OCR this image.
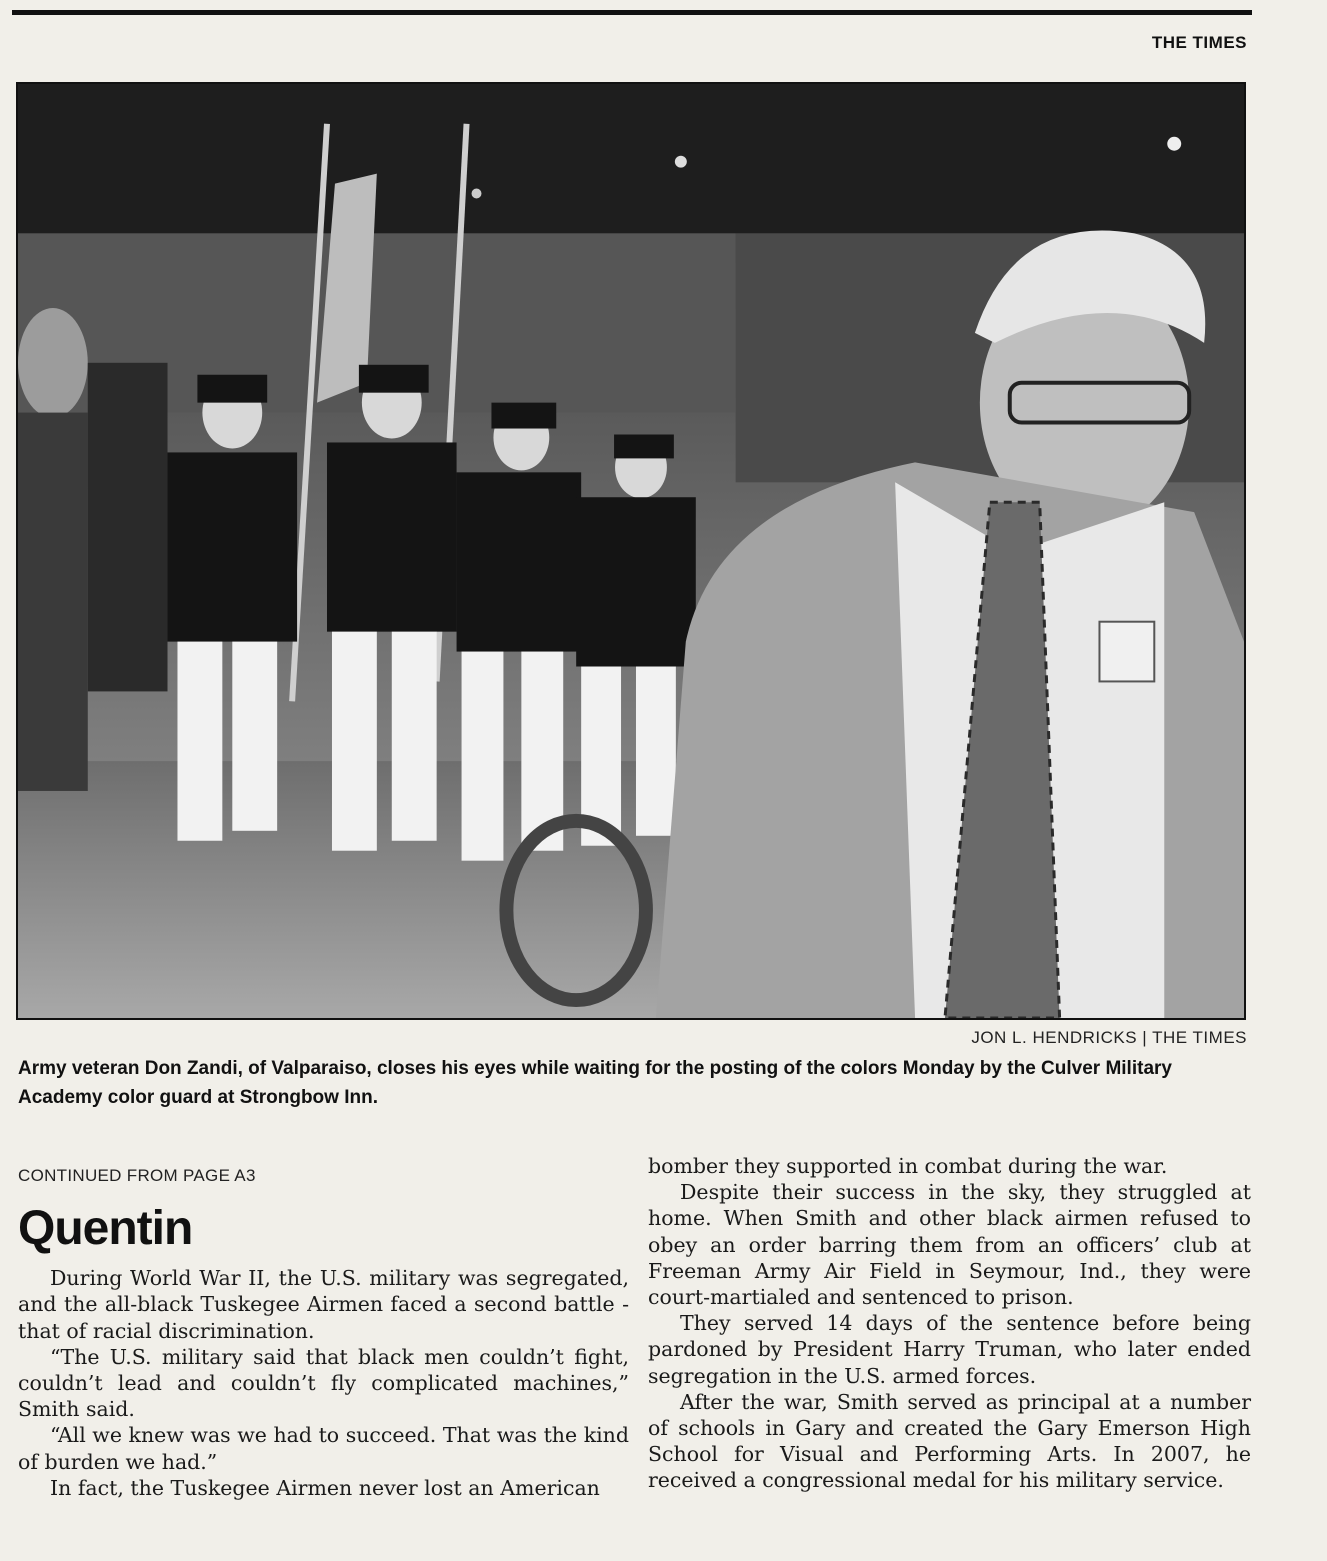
THE TIMES
JON L. HENDRICKS | THE TIMES
Army veteran Don Zandi, of Valparaiso, closes his eyes while waiting for the posting of the colors Monday by the Culver Military Academy color guard at Strongbow Inn.
CONTINUED FROM PAGE A3
Quentin

During World War II, the U.S. military was segregated, and the all-black Tuskegee Airmen faced a second battle - that of racial discrimination.

“The U.S. military said that black men couldn’t fight, couldn’t lead and couldn’t fly complicated machines,” Smith said.

“All we knew was we had to succeed. That was the kind of burden we had.”

In fact, the Tuskegee Airmen never lost an American

bomber they supported in combat during the war.

Despite their success in the sky, they struggled at home. When Smith and other black airmen refused to obey an order barring them from an officers’ club at Freeman Army Air Field in Seymour, Ind., they were court-martialed and sentenced to prison.

They served 14 days of the sentence before being pardoned by President Harry Truman, who later ended segregation in the U.S. armed forces.

After the war, Smith served as principal at a number of schools in Gary and created the Gary Emerson High School for Visual and Performing Arts. In 2007, he received a congressional medal for his military service.
